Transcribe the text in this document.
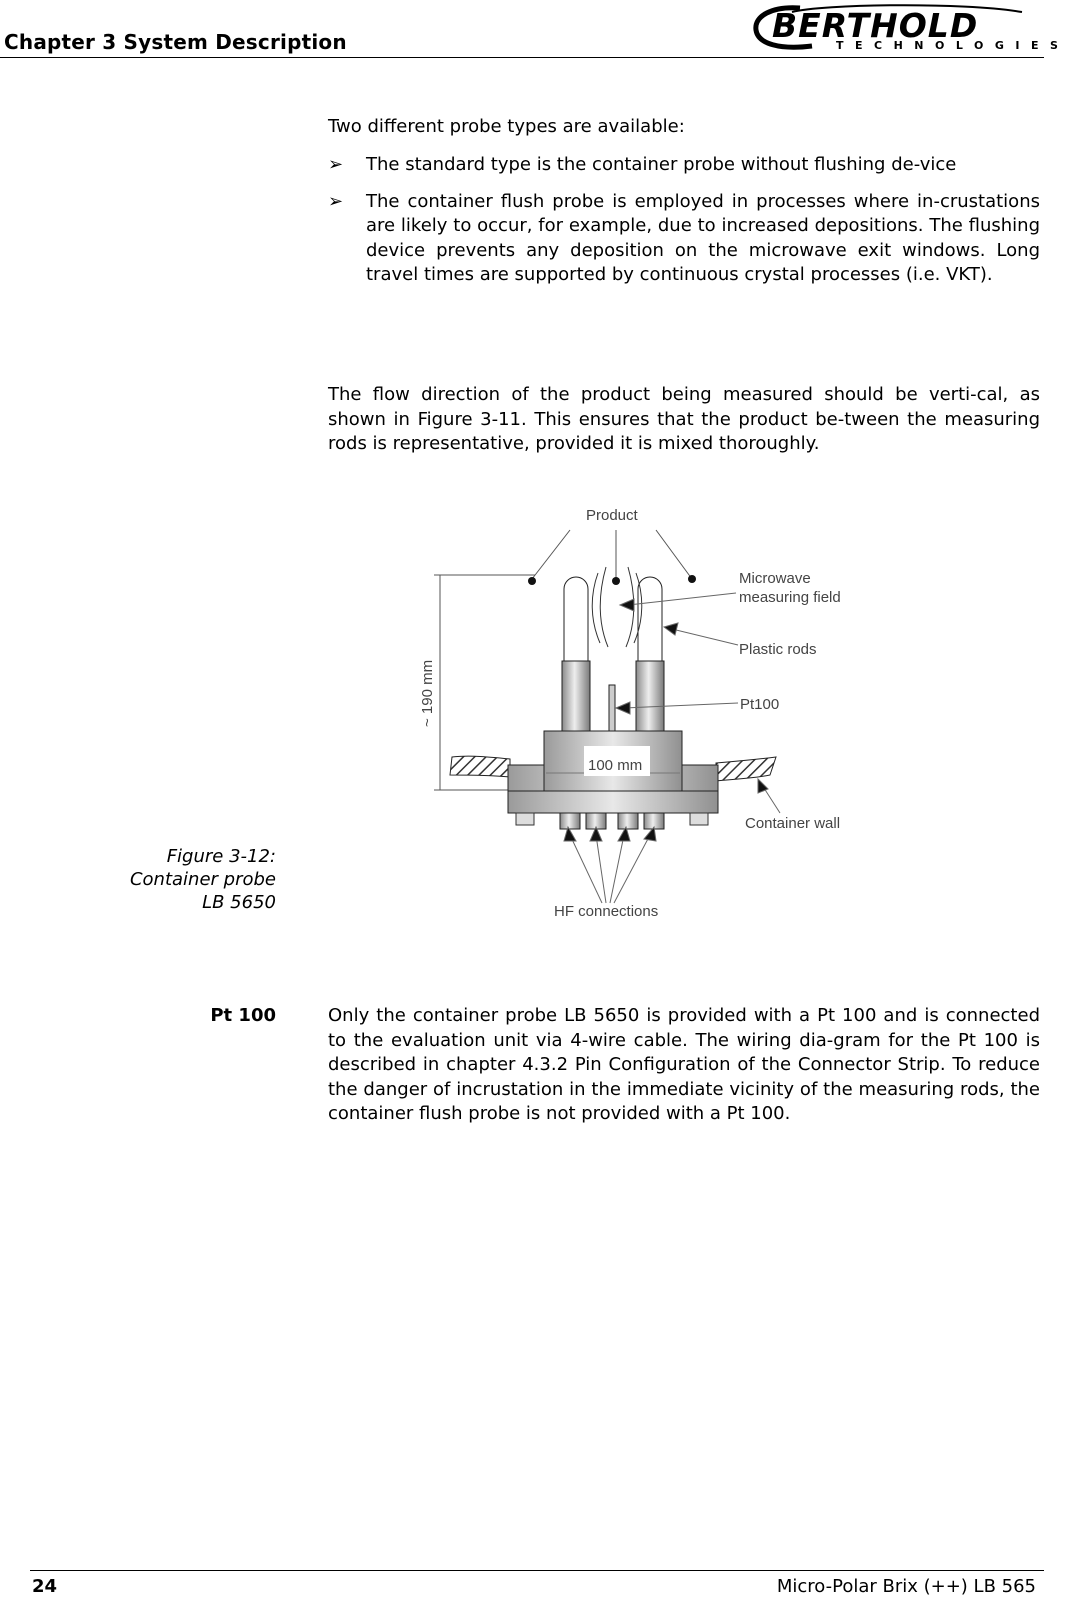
Chapter 3 System Description	BERTHOLD
TECHNOLOGIES
Two different probe types are available:
➢ The standard type is the container probe without flushing de-vice
➢ The container flush probe is employed in processes where in-crustations are likely to occur, for example, due to increased depositions. The flushing device prevents any deposition on the microwave exit windows. Long travel times are supported by continuous crystal processes (i.e. VKT).
The flow direction of the product being measured should be verti-cal, as shown in Figure 3-11. This ensures that the product be-tween the measuring rods is representative, provided it is mixed thoroughly.
~ 190 mm
Product
Microwave
measuring field
Plastic rods
Pt100
100 mm
Container wall
HF connections
Figure 3-12:
Container probe
LB 5650
Pt 100	Only the container probe LB 5650 is provided with a Pt 100 and is connected to the evaluation unit via 4-wire cable. The wiring dia-gram for the Pt 100 is described in chapter 4.3.2 Pin Configuration of the Connector Strip. To reduce the danger of incrustation in the immediate vicinity of the measuring rods, the container flush probe is not provided with a Pt 100.
24	Micro-Polar Brix (++) LB 565
